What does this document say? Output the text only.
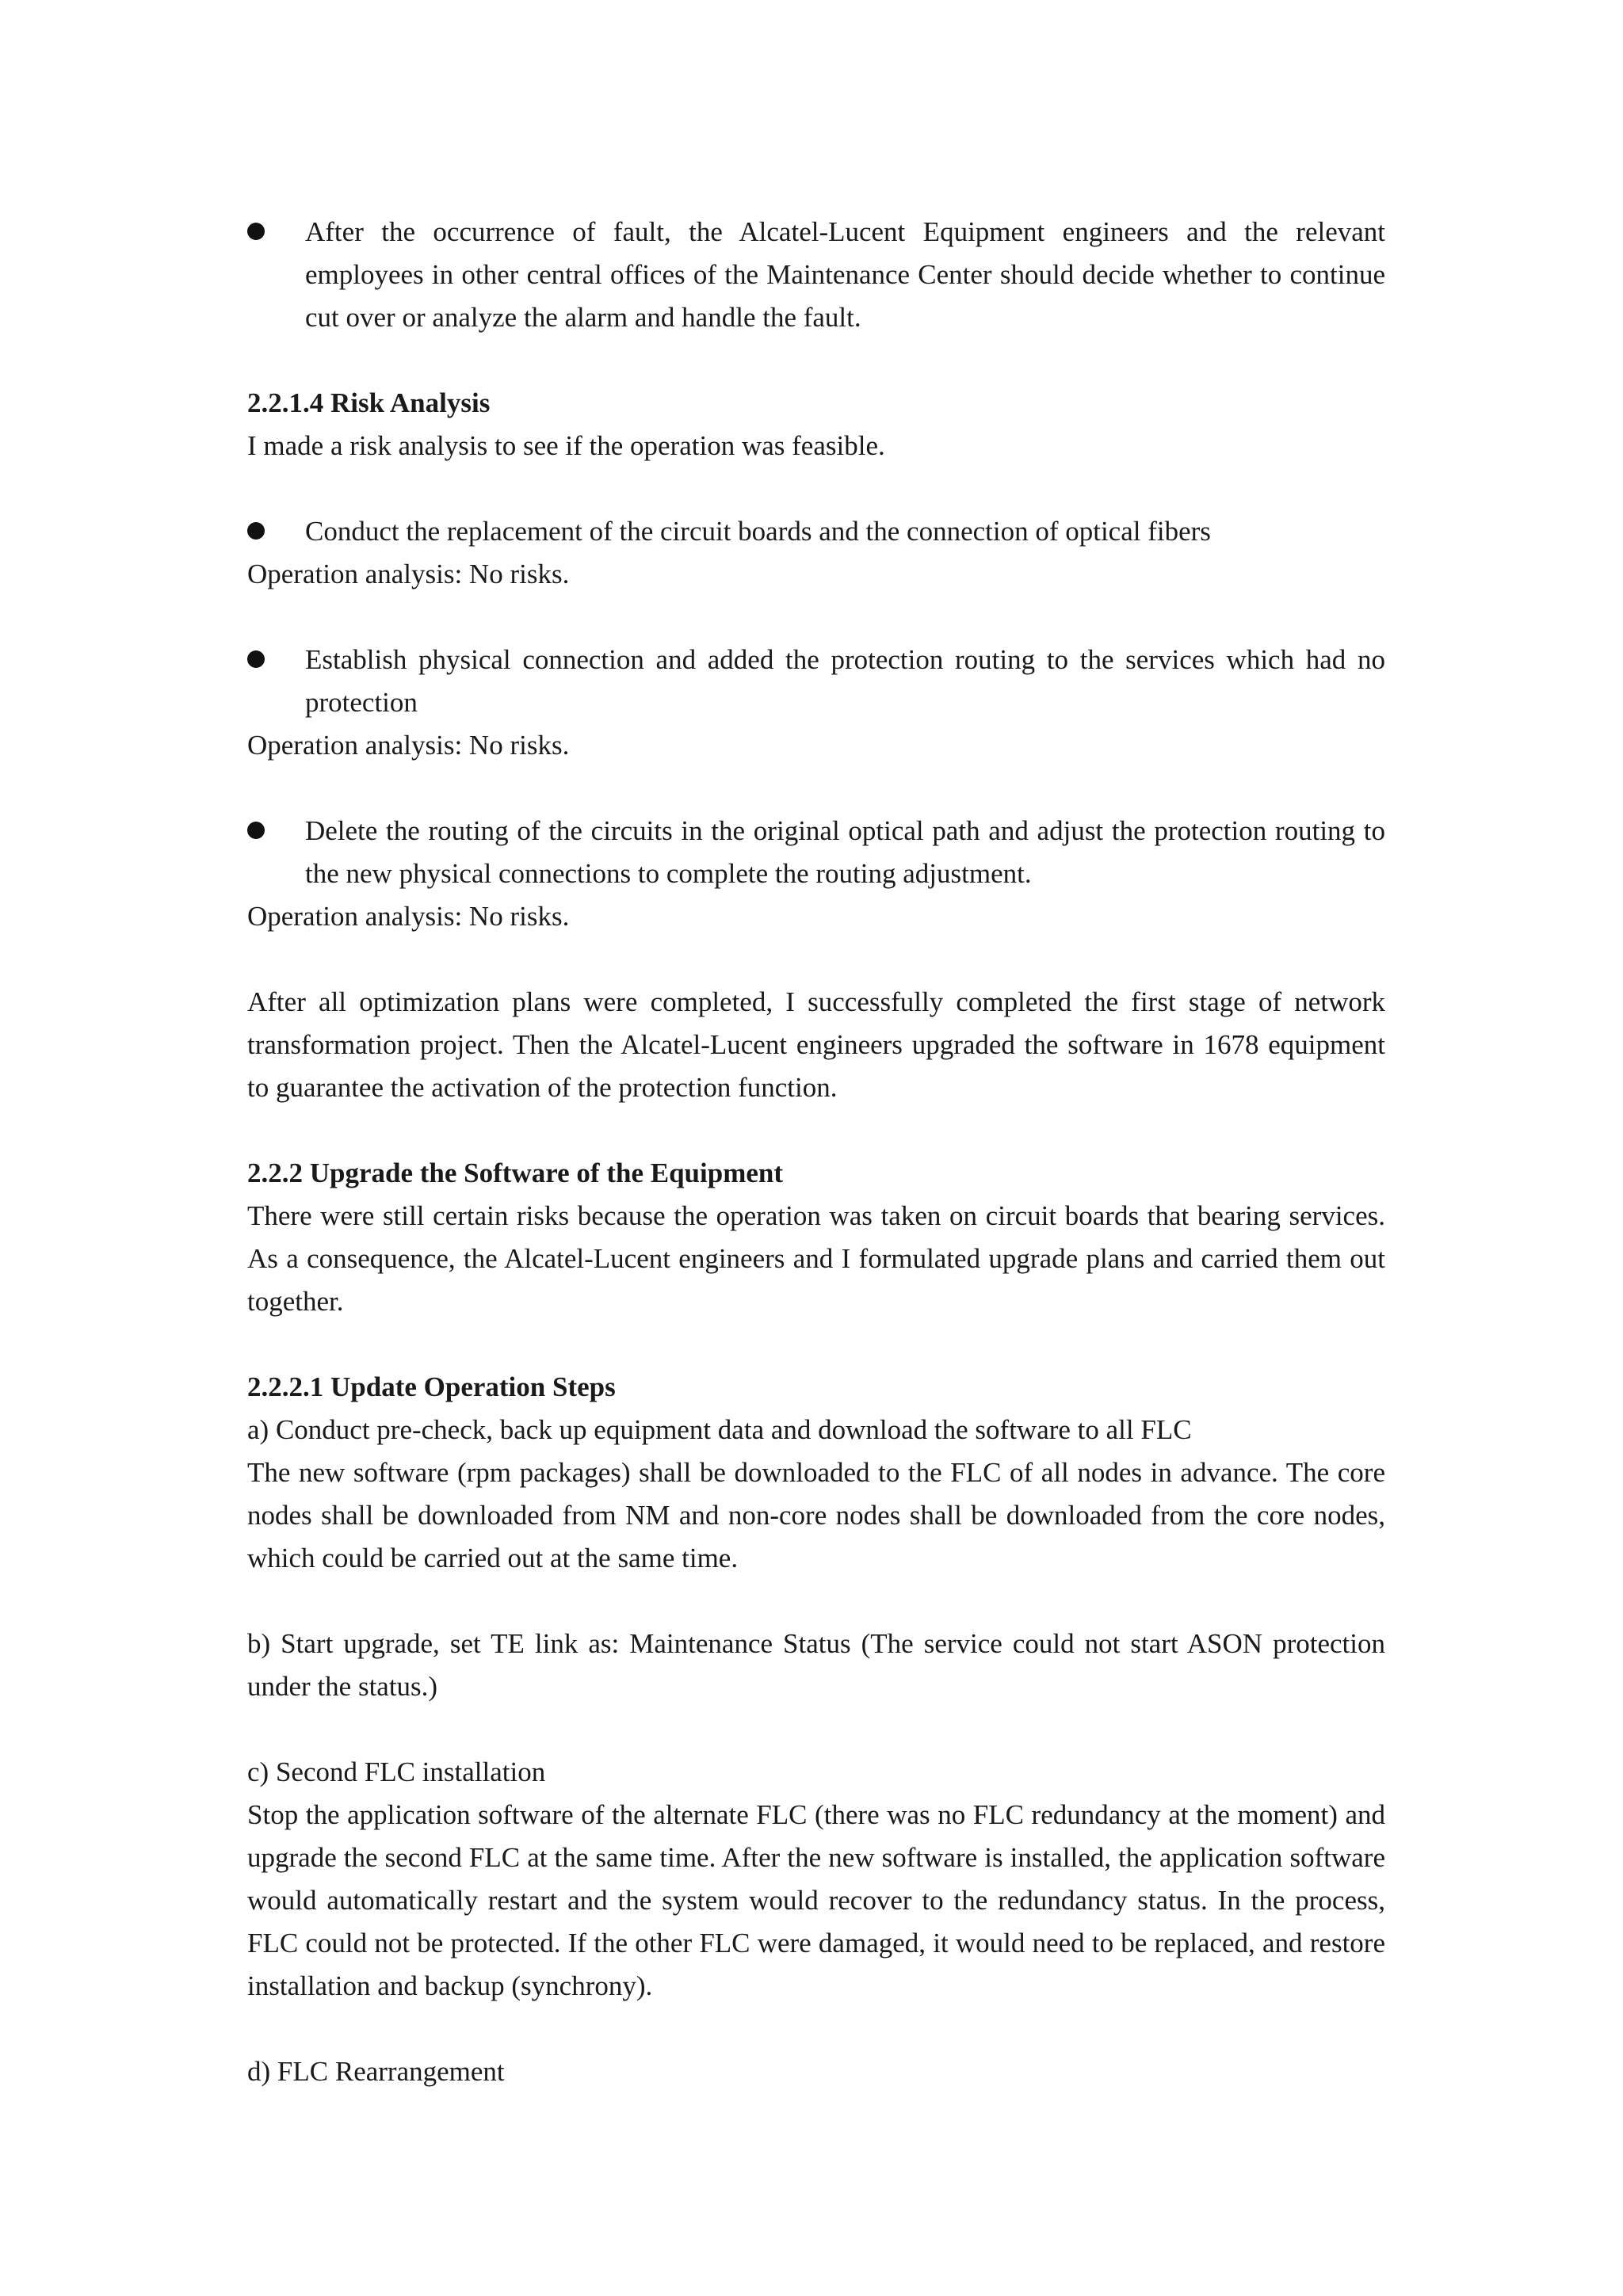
After the occurrence of fault, the Alcatel-Lucent Equipment engineers and the relevant employees in other central offices of the Maintenance Center should decide whether to continue cut over or analyze the alarm and handle the fault.

2.2.1.4 Risk Analysis

I made a risk analysis to see if the operation was feasible.

Conduct the replacement of the circuit boards and the connection of optical fibers

Operation analysis: No risks.

Establish physical connection and added the protection routing to the services which had no protection

Operation analysis: No risks.

Delete the routing of the circuits in the original optical path and adjust the protection routing to the new physical connections to complete the routing adjustment.

Operation analysis: No risks.

After all optimization plans were completed, I successfully completed the first stage of network transformation project. Then the Alcatel-Lucent engineers upgraded the software in 1678 equipment to guarantee the activation of the protection function.

2.2.2 Upgrade the Software of the Equipment

There were still certain risks because the operation was taken on circuit boards that bearing services. As a consequence, the Alcatel-Lucent engineers and I formulated upgrade plans and carried them out together.

2.2.2.1 Update Operation Steps

a) Conduct pre-check, back up equipment data and download the software to all FLC

The new software (rpm packages) shall be downloaded to the FLC of all nodes in advance. The core nodes shall be downloaded from NM and non-core nodes shall be downloaded from the core nodes, which could be carried out at the same time.

b) Start upgrade, set TE link as: Maintenance Status (The service could not start ASON protection under the status.)

c) Second FLC installation

Stop the application software of the alternate FLC (there was no FLC redundancy at the moment) and upgrade the second FLC at the same time. After the new software is installed, the application software would automatically restart and the system would recover to the redundancy status. In the process, FLC could not be protected. If the other FLC were damaged, it would need to be replaced, and restore installation and backup (synchrony).

d) FLC Rearrangement
